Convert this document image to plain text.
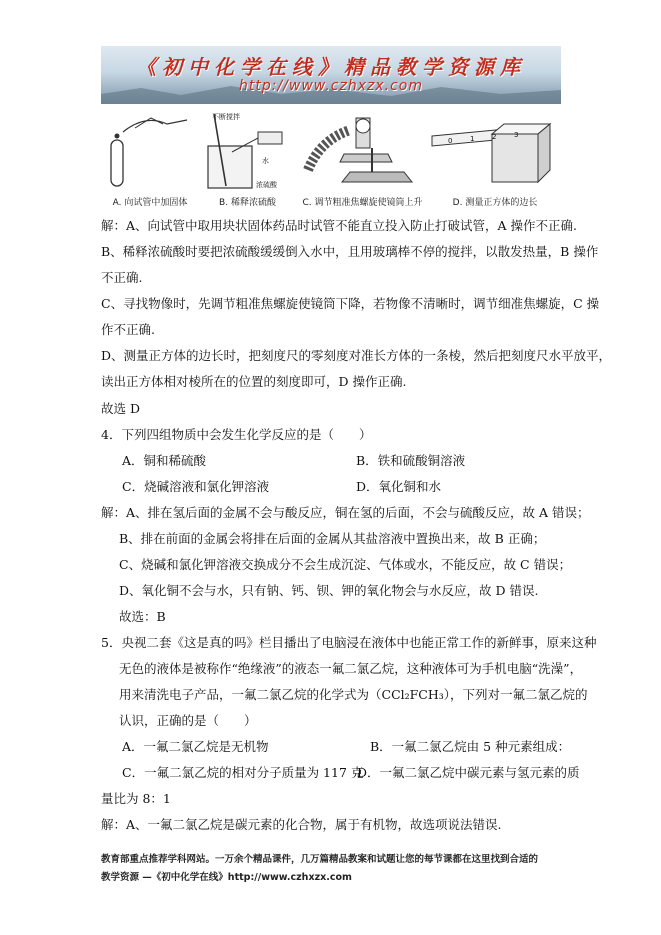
《初中化学在线》精品教学资源库
http://www.czhxzx.com
A. 向试管中加固体
不断搅拌
水
浓硫酸
B. 稀释浓硫酸	C. 调节粗准焦螺旋使镜筒上升
0	1	2	3
D. 测量正方体的边长
解：A、向试管中取用块状固体药品时试管不能直立投入防止打破试管，A 操作不正确.
B、稀释浓硫酸时要把浓硫酸缓缓倒入水中，且用玻璃棒不停的搅拌，以散发热量，B 操作
不正确.
C、寻找物像时，先调节粗准焦螺旋使镜筒下降，若物像不清晰时，调节细准焦螺旋，C 操
作不正确.
D、测量正方体的边长时，把刻度尺的零刻度对准长方体的一条棱，然后把刻度尺水平放平，
读出正方体相对棱所在的位置的刻度即可，D 操作正确.
故选 D
4．下列四组物质中会发生化学反应的是（　　）
A．铜和稀硫酸	B．铁和硫酸铜溶液
C．烧碱溶液和氯化钾溶液	D．氧化铜和水
解：A、排在氢后面的金属不会与酸反应，铜在氢的后面，不会与硫酸反应，故 A 错误；
B、排在前面的金属会将排在后面的金属从其盐溶液中置换出来，故 B 正确；
C、烧碱和氯化钾溶液交换成分不会生成沉淀、气体或水，不能反应，故 C 错误；
D、氧化铜不会与水，只有钠、钙、钡、钾的氧化物会与水反应，故 D 错误.
故选：B
5．央视二套《这是真的吗》栏目播出了电脑浸在液体中也能正常工作的新鲜事，原来这种
无色的液体是被称作“绝缘液”的液态一氟二氯乙烷，这种液体可为手机电脑“洗澡”，
用来清洗电子产品，一氟二氯乙烷的化学式为（CCl₂FCH₃），下列对一氟二氯乙烷的
认识，正确的是（　　）
A．一氟二氯乙烷是无机物	B．一氟二氯乙烷由 5 种元素组成：
C．一氟二氯乙烷的相对分子质量为 117 克
D．一氟二氯乙烷中碳元素与氢元素的质
量比为 8：1
解：A、一氟二氯乙烷是碳元素的化合物，属于有机物，故选项说法错误.
教育部重点推荐学科网站。一万余个精品课件，几万篇精品教案和试题让您的每节课都在这里找到合适的
教学资源 —《初中化学在线》http://www.czhxzx.com
